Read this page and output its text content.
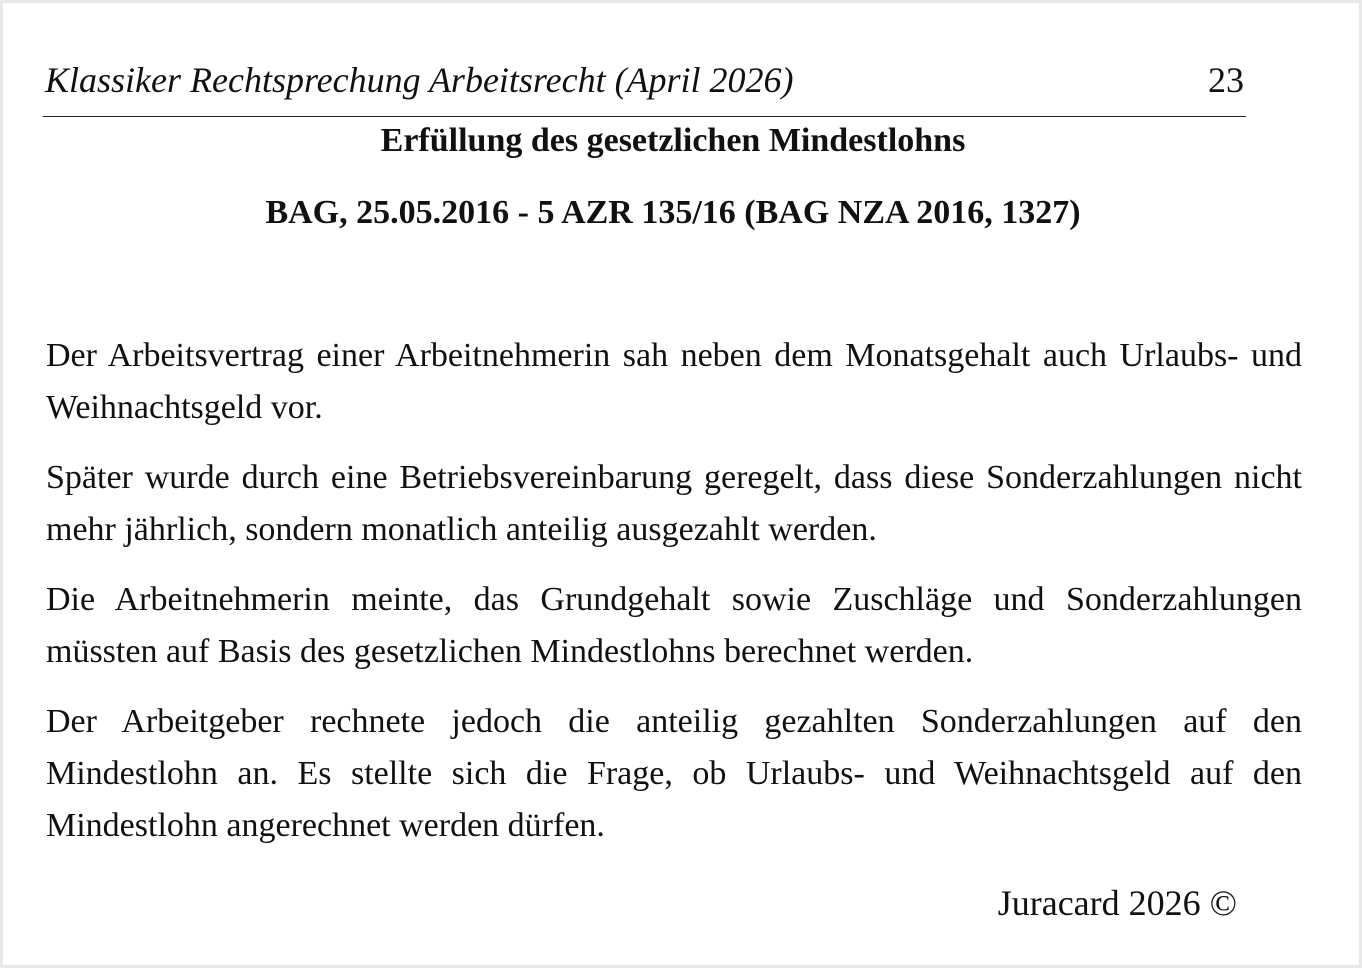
Klassiker Rechtsprechung Arbeitsrecht (April 2026)	23
Erfüllung des gesetzlichen Mindestlohns
BAG, 25.05.2016 - 5 AZR 135/16 (BAG NZA 2016, 1327)

Der Arbeitsvertrag einer Arbeitnehmerin sah neben dem Monatsgehalt auch Urlaubs- und Weihnachtsgeld vor.

Später wurde durch eine Betriebsvereinbarung geregelt, dass diese Sonderzahlungen nicht mehr jährlich, sondern monatlich anteilig ausgezahlt werden.

Die Arbeitnehmerin meinte, das Grundgehalt sowie Zuschläge und Sonderzahlungen müssten auf Basis des gesetzlichen Mindestlohns berechnet werden.

Der Arbeitgeber rechnete jedoch die anteilig gezahlten Sonderzahlungen auf den Mindestlohn an. Es stellte sich die Frage, ob Urlaubs- und Weihnachtsgeld auf den Mindestlohn angerechnet werden dürfen.

Juracard 2026 ©
